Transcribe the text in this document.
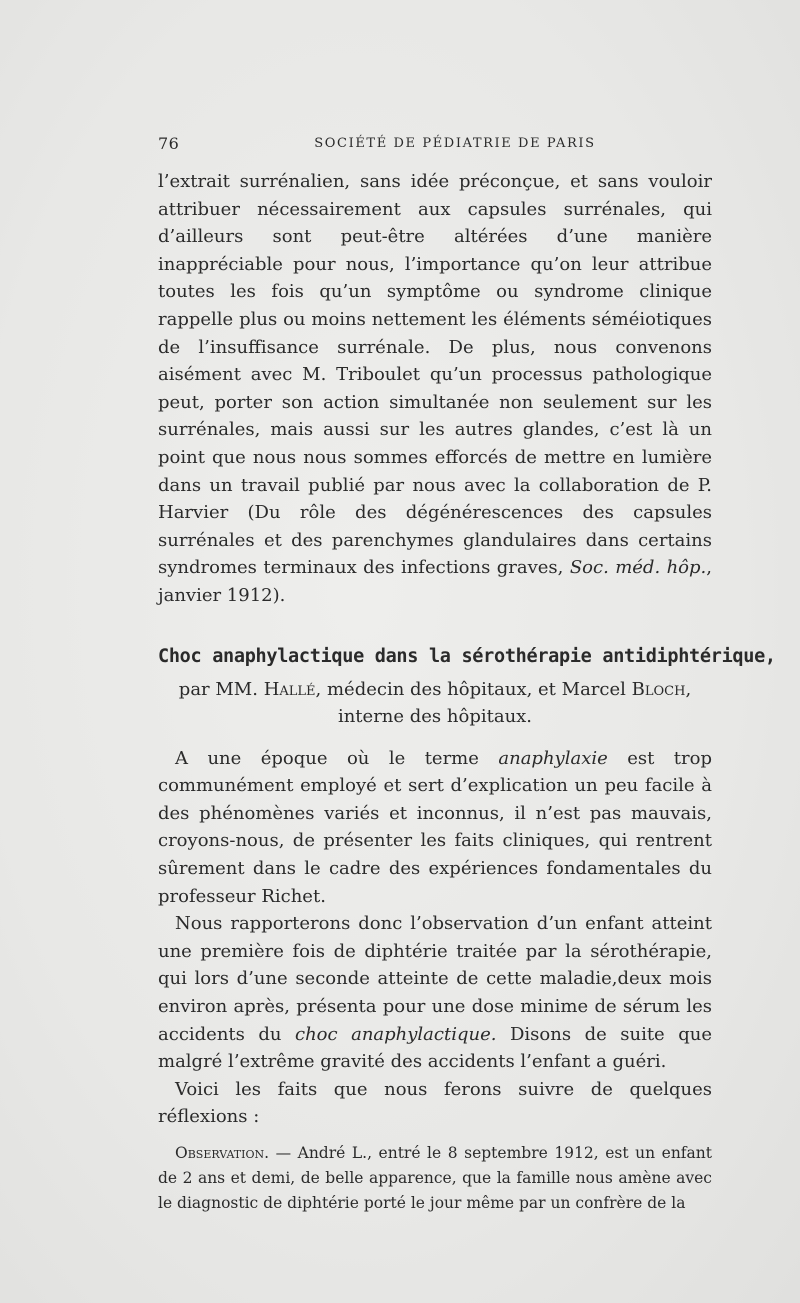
76	SOCIÉTÉ DE PÉDIATRIE DE PARIS

l’extrait surrénalien, sans idée préconçue, et sans vouloir attribuer nécessairement aux capsules surrénales, qui d’ailleurs sont peut-être altérées d’une manière inappréciable pour nous, l’importance qu’on leur attribue toutes les fois qu’un symptôme ou syndrome clinique rappelle plus ou moins nettement les éléments séméiotiques de l’insuffisance surrénale. De plus, nous convenons aisément avec M. Triboulet qu’un processus pathologique peut, porter son action simultanée non seulement sur les surrénales, mais aussi sur les autres glandes, c’est là un point que nous nous sommes efforcés de mettre en lumière dans un travail publié par nous avec la collaboration de P. Harvier (Du rôle des dégénérescences des capsules surrénales et des parenchymes glandulaires dans certains syndromes terminaux des infections graves, Soc. méd. hôp., janvier 1912).

Choc anaphylactique dans la sérothérapie antidiphtérique,
par MM. Hallé, médecin des hôpitaux, et Marcel Bloch,
interne des hôpitaux.

A une époque où le terme anaphylaxie est trop communément employé et sert d’explication un peu facile à des phénomènes variés et inconnus, il n’est pas mauvais, croyons-nous, de présenter les faits cliniques, qui rentrent sûrement dans le cadre des expériences fondamentales du professeur Richet.

Nous rapporterons donc l’observation d’un enfant atteint une première fois de diphtérie traitée par la sérothérapie, qui lors d’une seconde atteinte de cette maladie,deux mois environ après, présenta pour une dose minime de sérum les accidents du choc anaphylactique. Disons de suite que malgré l’extrême gravité des accidents l’enfant a guéri.

Voici les faits que nous ferons suivre de quelques réflexions :

Observation. — André L., entré le 8 septembre 1912, est un enfant de 2 ans et demi, de belle apparence, que la famille nous amène avec le diagnostic de diphtérie porté le jour même par un confrère de la
